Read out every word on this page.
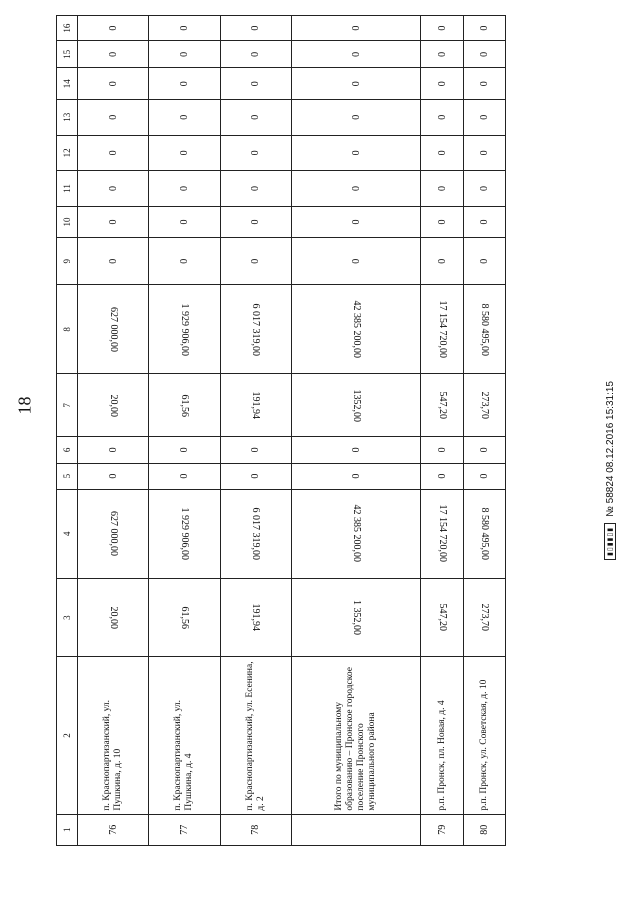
18
1	2	3	4	5	6	7	8	9	10	11	12	13	14	15	16
76	п. Краснопартизанский, ул. Пушкина, д. 10	20,00	627 000,00	0	0	20,00	627 000,00	0	0	0	0	0	0	0	0
77	п. Краснопартизанский, ул. Пушкина, д. 4	61,56	1 929 906,00	0	0	61,56	1 929 906,00	0	0	0	0	0	0	0	0
78	п. Краснопартизанский, ул. Есенина, д. 2	191,94	6 017 319,00	0	0	191,94	6 017 319,00	0	0	0	0	0	0	0	0
	Итого по муниципальному образованию – Пронское городское поселение Пронского муниципального района	1 352,00	42 385 200,00	0	0	1352,00	42 385 200,00	0	0	0	0	0	0	0	0
79	р.п. Пронск, пл. Новая, д. 4	547,20	17 154 720,00	0	0	547,20	17 154 720,00	0	0	0	0	0	0	0	0
80	р.п. Пронск, ул. Советская, д. 10	273,70	8 580 495,00	0	0	273,70	8 580 495,00	0	0	0	0	0	0	0	0
▮▯▮▮▯▮
№ 58824 08.12.2016 15:31:15
